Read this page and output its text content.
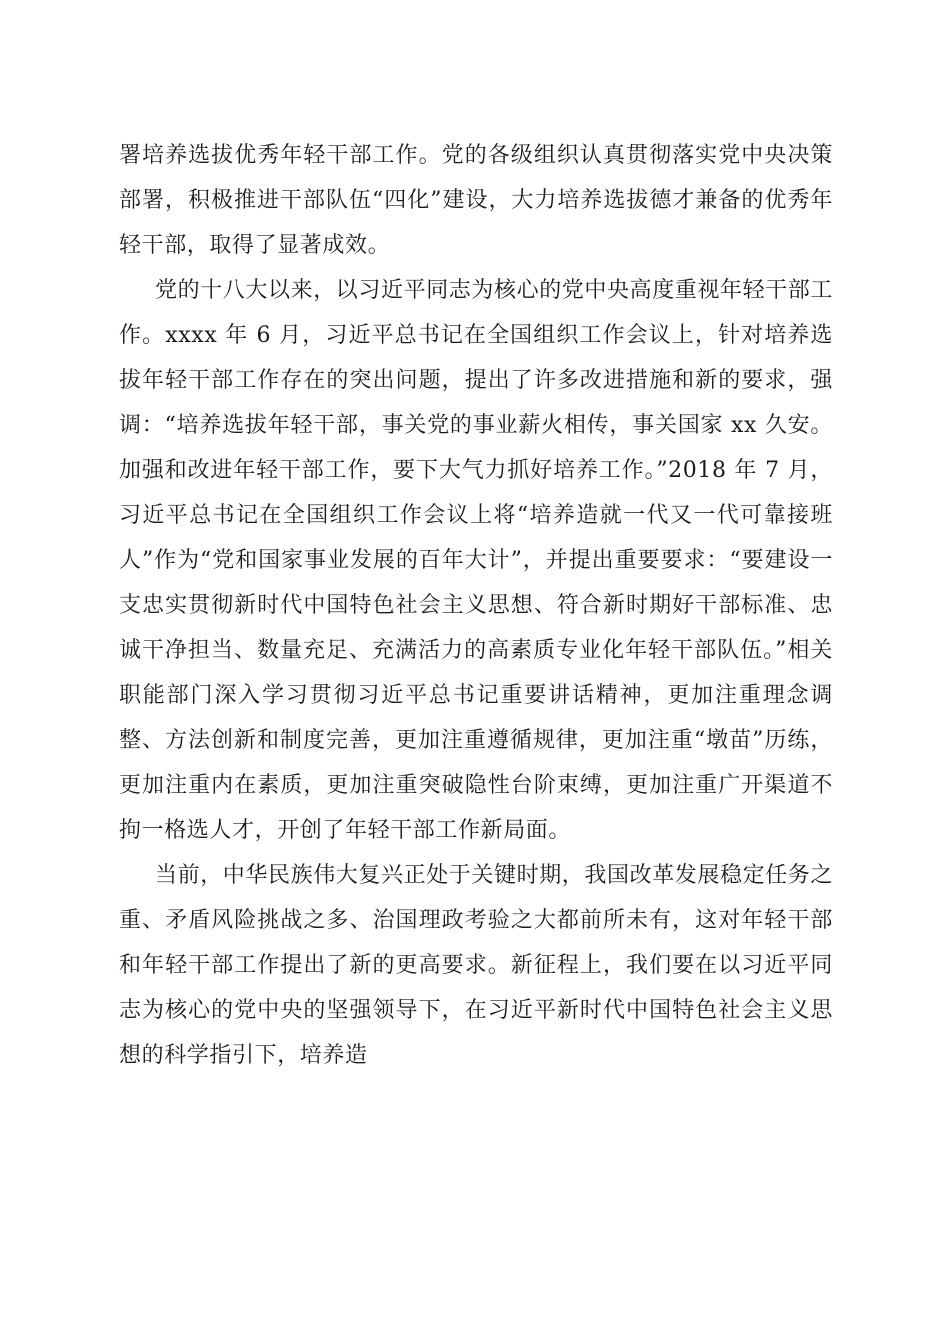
署培养选拔优秀年轻干部工作。党的各级组织认真贯彻落实党中央决策部署，积极推进干部队伍“四化”建设，大力培养选拔德才兼备的优秀年轻干部，取得了显著成效。

党的十八大以来，以习近平同志为核心的党中央高度重视年轻干部工作。xxxx 年 6 月，习近平总书记在全国组织工作会议上，针对培养选拔年轻干部工作存在的突出问题，提出了许多改进措施和新的要求，强调：“培养选拔年轻干部，事关党的事业薪火相传，事关国家 xx 久安。加强和改进年轻干部工作，要下大气力抓好培养工作。”2018 年 7 月，习近平总书记在全国组织工作会议上将“培养造就一代又一代可靠接班人”作为“党和国家事业发展的百年大计”，并提出重要要求：“要建设一支忠实贯彻新时代中国特色社会主义思想、符合新时期好干部标准、忠诚干净担当、数量充足、充满活力的高素质专业化年轻干部队伍。”相关职能部门深入学习贯彻习近平总书记重要讲话精神，更加注重理念调整、方法创新和制度完善，更加注重遵循规律，更加注重“墩苗”历练，更加注重内在素质，更加注重突破隐性台阶束缚，更加注重广开渠道不拘一格选人才，开创了年轻干部工作新局面。

当前，中华民族伟大复兴正处于关键时期，我国改革发展稳定任务之重、矛盾风险挑战之多、治国理政考验之大都前所未有，这对年轻干部和年轻干部工作提出了新的更高要求。新征程上，我们要在以习近平同志为核心的党中央的坚强领导下，在习近平新时代中国特色社会主义思想的科学指引下，培养造
